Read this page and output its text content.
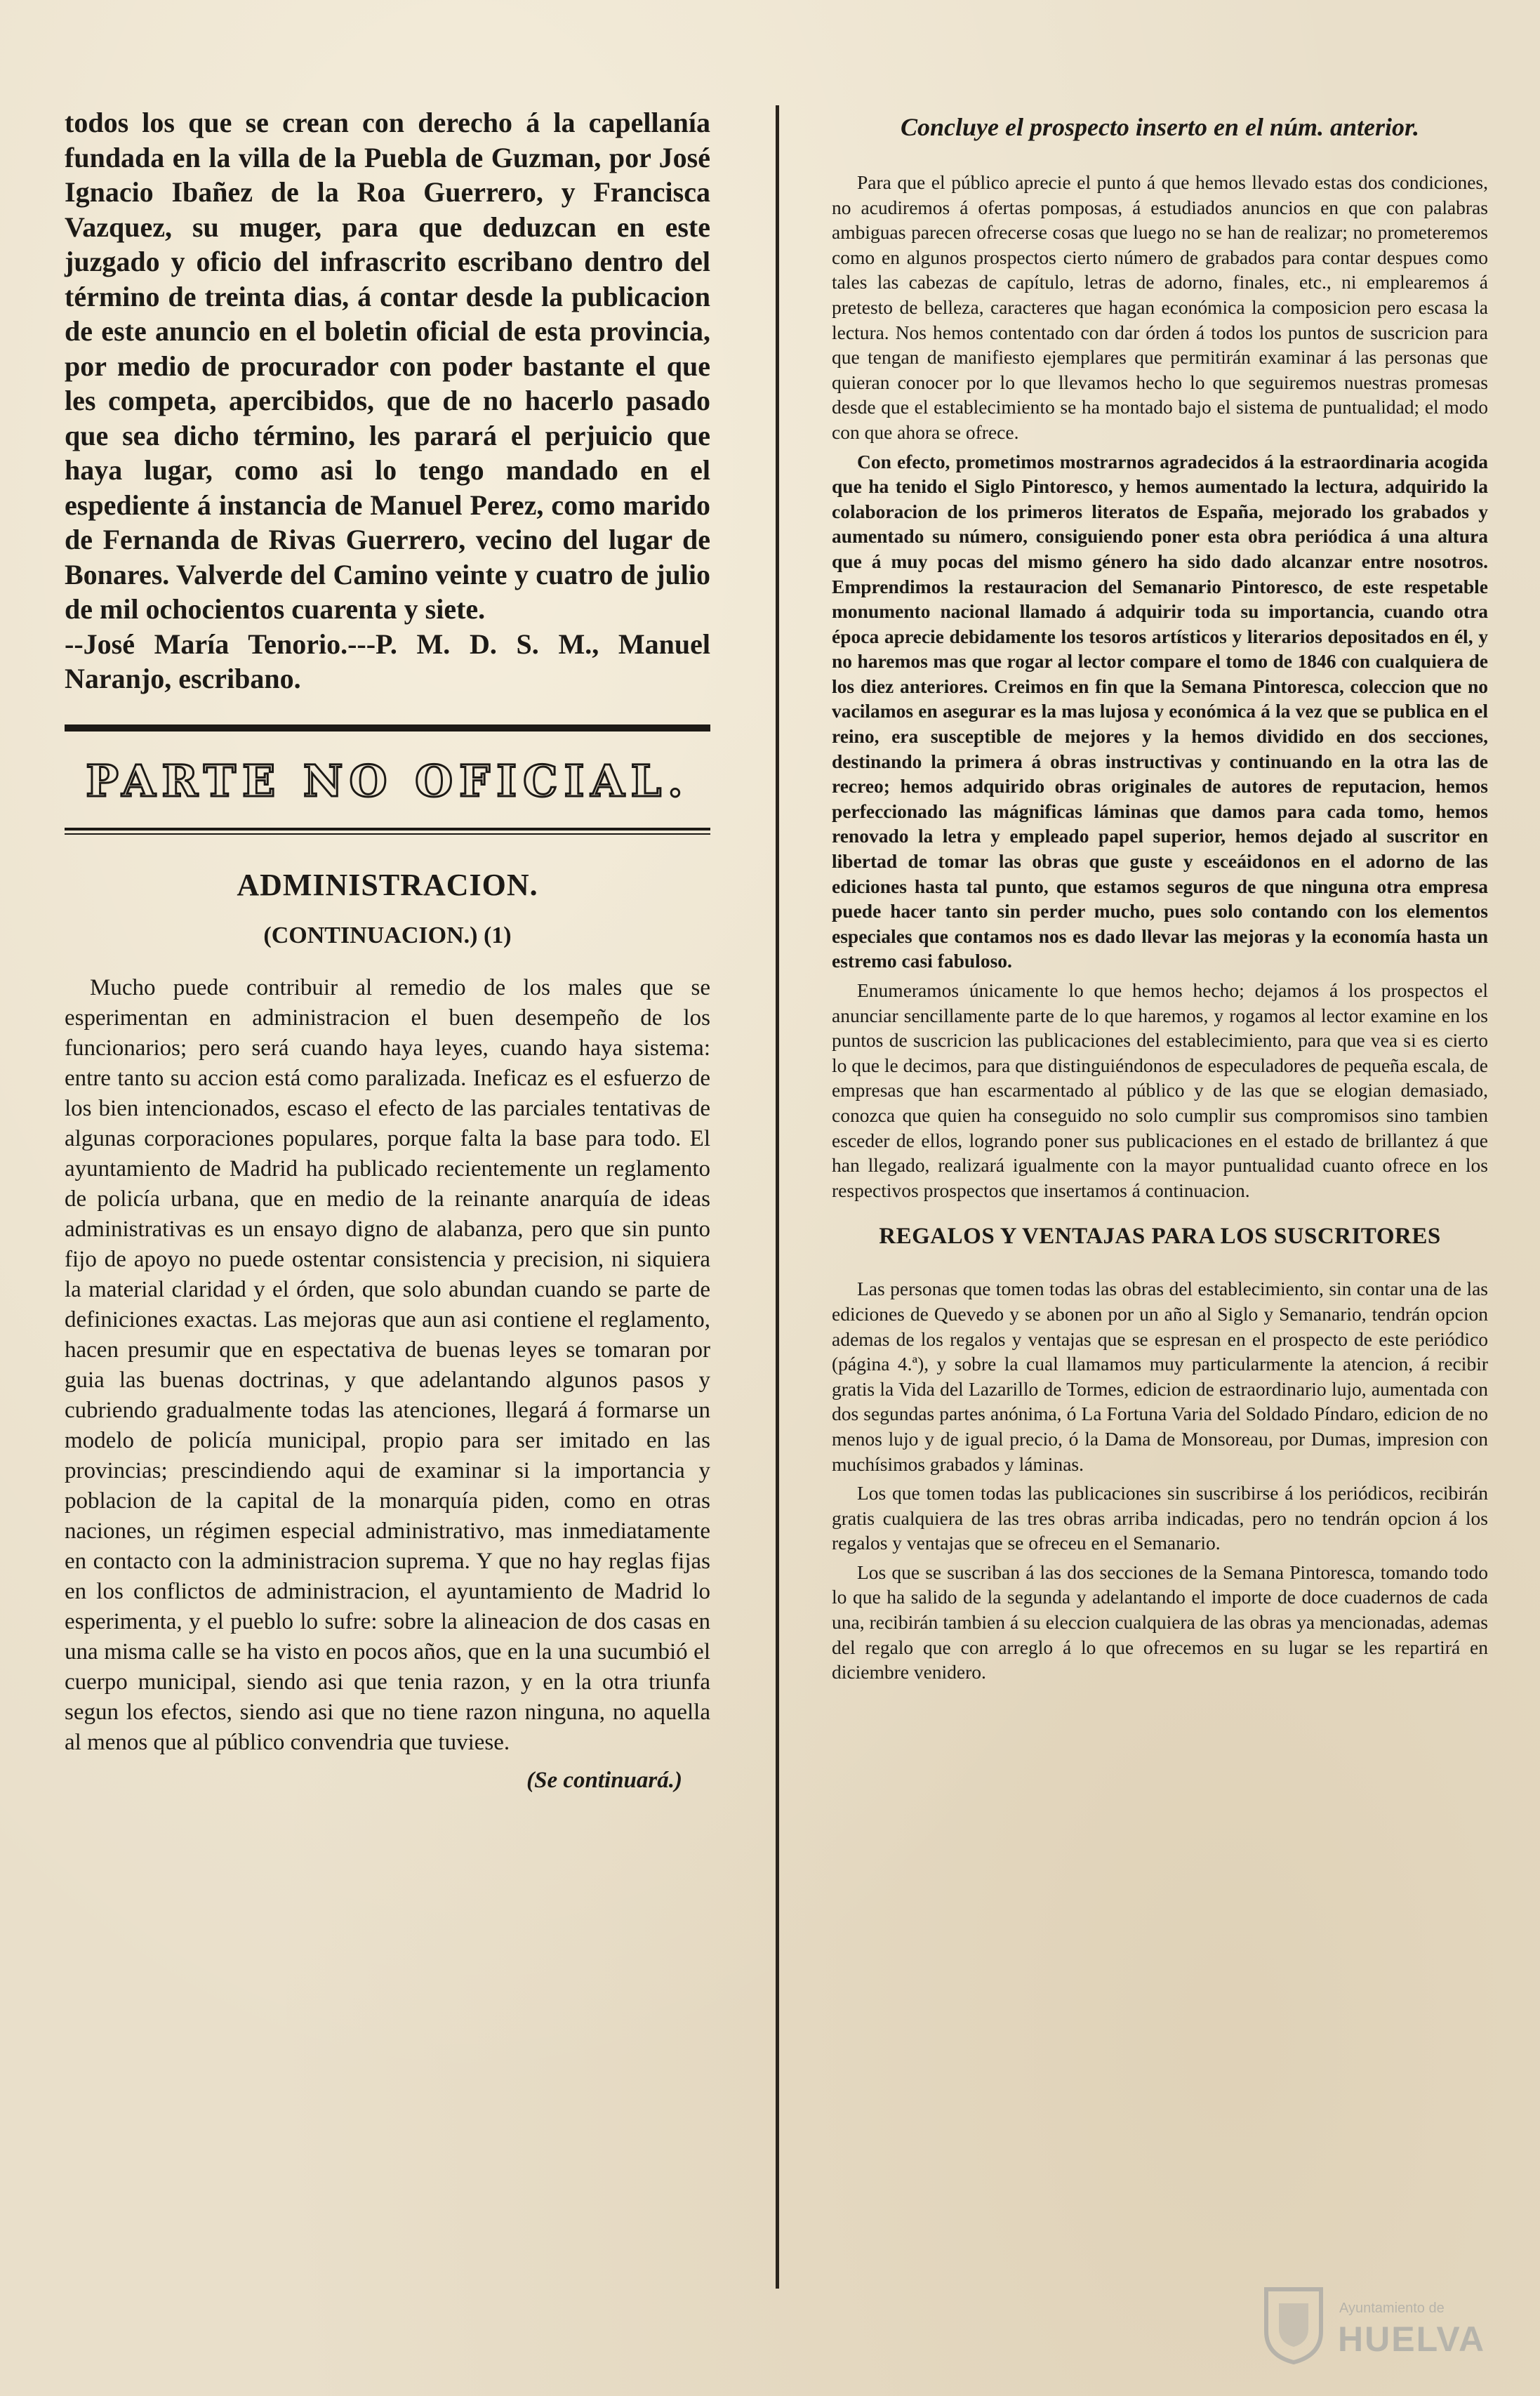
todos los que se crean con derecho á la capellanía fundada en la villa de la Puebla de Guzman, por José Ignacio Ibañez de la Roa Guerrero, y Francisca Vazquez, su muger, para que deduzcan en este juzgado y oficio del infrascrito escribano dentro del término de treinta dias, á contar desde la publicacion de este anuncio en el boletin oficial de esta provincia, por medio de procurador con poder bastante el que les competa, apercibidos, que de no hacerlo pasado que sea dicho término, les parará el perjuicio que haya lugar, como asi lo tengo mandado en el espediente á instancia de Manuel Perez, como marido de Fernanda de Rivas Guerrero, vecino del lugar de Bonares. Valverde del Camino veinte y cuatro de julio de mil ochocientos cuarenta y siete.

--José María Tenorio.---P. M. D. S. M., Manuel Naranjo, escribano.

PARTE NO OFICIAL.
ADMINISTRACION.
(CONTINUACION.) (1)

Mucho puede contribuir al remedio de los males que se esperimentan en administracion el buen desempeño de los funcionarios; pero será cuando haya leyes, cuando haya sistema: entre tanto su accion está como paralizada. Ineficaz es el esfuerzo de los bien intencionados, escaso el efecto de las parciales tentativas de algunas corporaciones populares, porque falta la base para todo. El ayuntamiento de Madrid ha publicado recientemente un reglamento de policía urbana, que en medio de la reinante anarquía de ideas administrativas es un ensayo digno de alabanza, pero que sin punto fijo de apoyo no puede ostentar consistencia y precision, ni siquiera la material claridad y el órden, que solo abundan cuando se parte de definiciones exactas. Las mejoras que aun asi contiene el reglamento, hacen presumir que en espectativa de buenas leyes se tomaran por guia las buenas doctrinas, y que adelantando algunos pasos y cubriendo gradualmente todas las atenciones, llegará á formarse un modelo de policía municipal, propio para ser imitado en las provincias; prescindiendo aqui de examinar si la importancia y poblacion de la capital de la monarquía piden, como en otras naciones, un régimen especial administrativo, mas inmediatamente en contacto con la administracion suprema. Y que no hay reglas fijas en los conflictos de administracion, el ayuntamiento de Madrid lo esperimenta, y el pueblo lo sufre: sobre la alineacion de dos casas en una misma calle se ha visto en pocos años, que en la una sucumbió el cuerpo municipal, siendo asi que tenia razon, y en la otra triunfa segun los efectos, siendo asi que no tiene razon ninguna, no aquella al menos que al público convendria que tuviese.

(Se continuará.)
Concluye el prospecto inserto en el núm. anterior.

Para que el público aprecie el punto á que hemos llevado estas dos condiciones, no acudiremos á ofertas pomposas, á estudiados anuncios en que con palabras ambiguas parecen ofrecerse cosas que luego no se han de realizar; no prometeremos como en algunos prospectos cierto número de grabados para contar despues como tales las cabezas de capítulo, letras de adorno, finales, etc., ni emplearemos á pretesto de belleza, caracteres que hagan económica la composicion pero escasa la lectura. Nos hemos contentado con dar órden á todos los puntos de suscricion para que tengan de manifiesto ejemplares que permitirán examinar á las personas que quieran conocer por lo que llevamos hecho lo que seguiremos nuestras promesas desde que el establecimiento se ha montado bajo el sistema de puntualidad; el modo con que ahora se ofrece.

Con efecto, prometimos mostrarnos agradecidos á la estraordinaria acogida que ha tenido el Siglo Pintoresco, y hemos aumentado la lectura, adquirido la colaboracion de los primeros literatos de España, mejorado los grabados y aumentado su número, consiguiendo poner esta obra periódica á una altura que á muy pocas del mismo género ha sido dado alcanzar entre nosotros. Emprendimos la restauracion del Semanario Pintoresco, de este respetable monumento nacional llamado á adquirir toda su importancia, cuando otra época aprecie debidamente los tesoros artísticos y literarios depositados en él, y no haremos mas que rogar al lector compare el tomo de 1846 con cualquiera de los diez anteriores. Creimos en fin que la Semana Pintoresca, coleccion que no vacilamos en asegurar es la mas lujosa y económica á la vez que se publica en el reino, era susceptible de mejores y la hemos dividido en dos secciones, destinando la primera á obras instructivas y continuando en la otra las de recreo; hemos adquirido obras originales de autores de reputacion, hemos perfeccionado las mágnificas láminas que damos para cada tomo, hemos renovado la letra y empleado papel superior, hemos dejado al suscritor en libertad de tomar las obras que guste y esceáidonos en el adorno de las ediciones hasta tal punto, que estamos seguros de que ninguna otra empresa puede hacer tanto sin perder mucho, pues solo contando con los elementos especiales que contamos nos es dado llevar las mejoras y la economía hasta un estremo casi fabuloso.

Enumeramos únicamente lo que hemos hecho; dejamos á los prospectos el anunciar sencillamente parte de lo que haremos, y rogamos al lector examine en los puntos de suscricion las publicaciones del establecimiento, para que vea si es cierto lo que le decimos, para que distinguiéndonos de especuladores de pequeña escala, de empresas que han escarmentado al público y de las que se elogian demasiado, conozca que quien ha conseguido no solo cumplir sus compromisos sino tambien esceder de ellos, logrando poner sus publicaciones en el estado de brillantez á que han llegado, realizará igualmente con la mayor puntualidad cuanto ofrece en los respectivos prospectos que insertamos á continuacion.

REGALOS Y VENTAJAS PARA LOS SUSCRITORES

Las personas que tomen todas las obras del establecimiento, sin contar una de las ediciones de Quevedo y se abonen por un año al Siglo y Semanario, tendrán opcion ademas de los regalos y ventajas que se espresan en el prospecto de este periódico (página 4.ª), y sobre la cual llamamos muy particularmente la atencion, á recibir gratis la Vida del Lazarillo de Tormes, edicion de estraordinario lujo, aumentada con dos segundas partes anónima, ó La Fortuna Varia del Soldado Píndaro, edicion de no menos lujo y de igual precio, ó la Dama de Monsoreau, por Dumas, impresion con muchísimos grabados y láminas.

Los que tomen todas las publicaciones sin suscribirse á los periódicos, recibirán gratis cualquiera de las tres obras arriba indicadas, pero no tendrán opcion á los regalos y ventajas que se ofreceu en el Semanario.

Los que se suscriban á las dos secciones de la Semana Pintoresca, tomando todo lo que ha salido de la segunda y adelantando el importe de doce cuadernos de cada una, recibirán tambien á su eleccion cualquiera de las obras ya mencionadas, ademas del regalo que con arreglo á lo que ofrecemos en su lugar se les repartirá en diciembre venidero.

Ayuntamiento de
HUELVA
